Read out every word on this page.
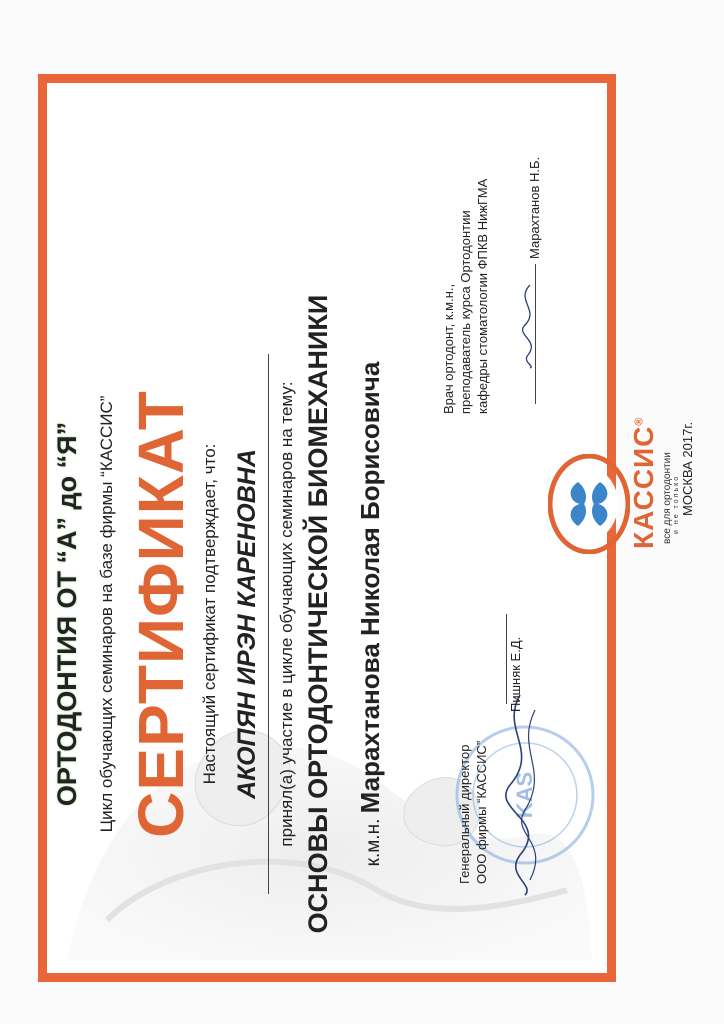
KAS
ОРТОДОНТИЯ ОТ “А” до “Я” Цикл обучающих семинаров на базе фирмы “КАССИС” СЕРТИФИКАТ Настоящий сертификат подтверждает, что: АКОПЯН ИРЭН КАРЕНОВНА принял(а) участие в цикле обучающих семинаров на тему: ОСНОВЫ ОРТОДОНТИЧЕСКОЙ БИОМЕХАНИКИ	к.м.н. Марахтанова Николая Борисовича
Генеральный директор ООО фирмы “КАССИС”
Пишняк Е.Д.
КАССИС®
все для ортодонтии и не только МОСКВА 2017г.
Врач ортодонт, к.м.н., преподаватель курса Ортодонтии кафедры стоматологии ФПКВ НижГМА	Марахтанов Н.Б.
